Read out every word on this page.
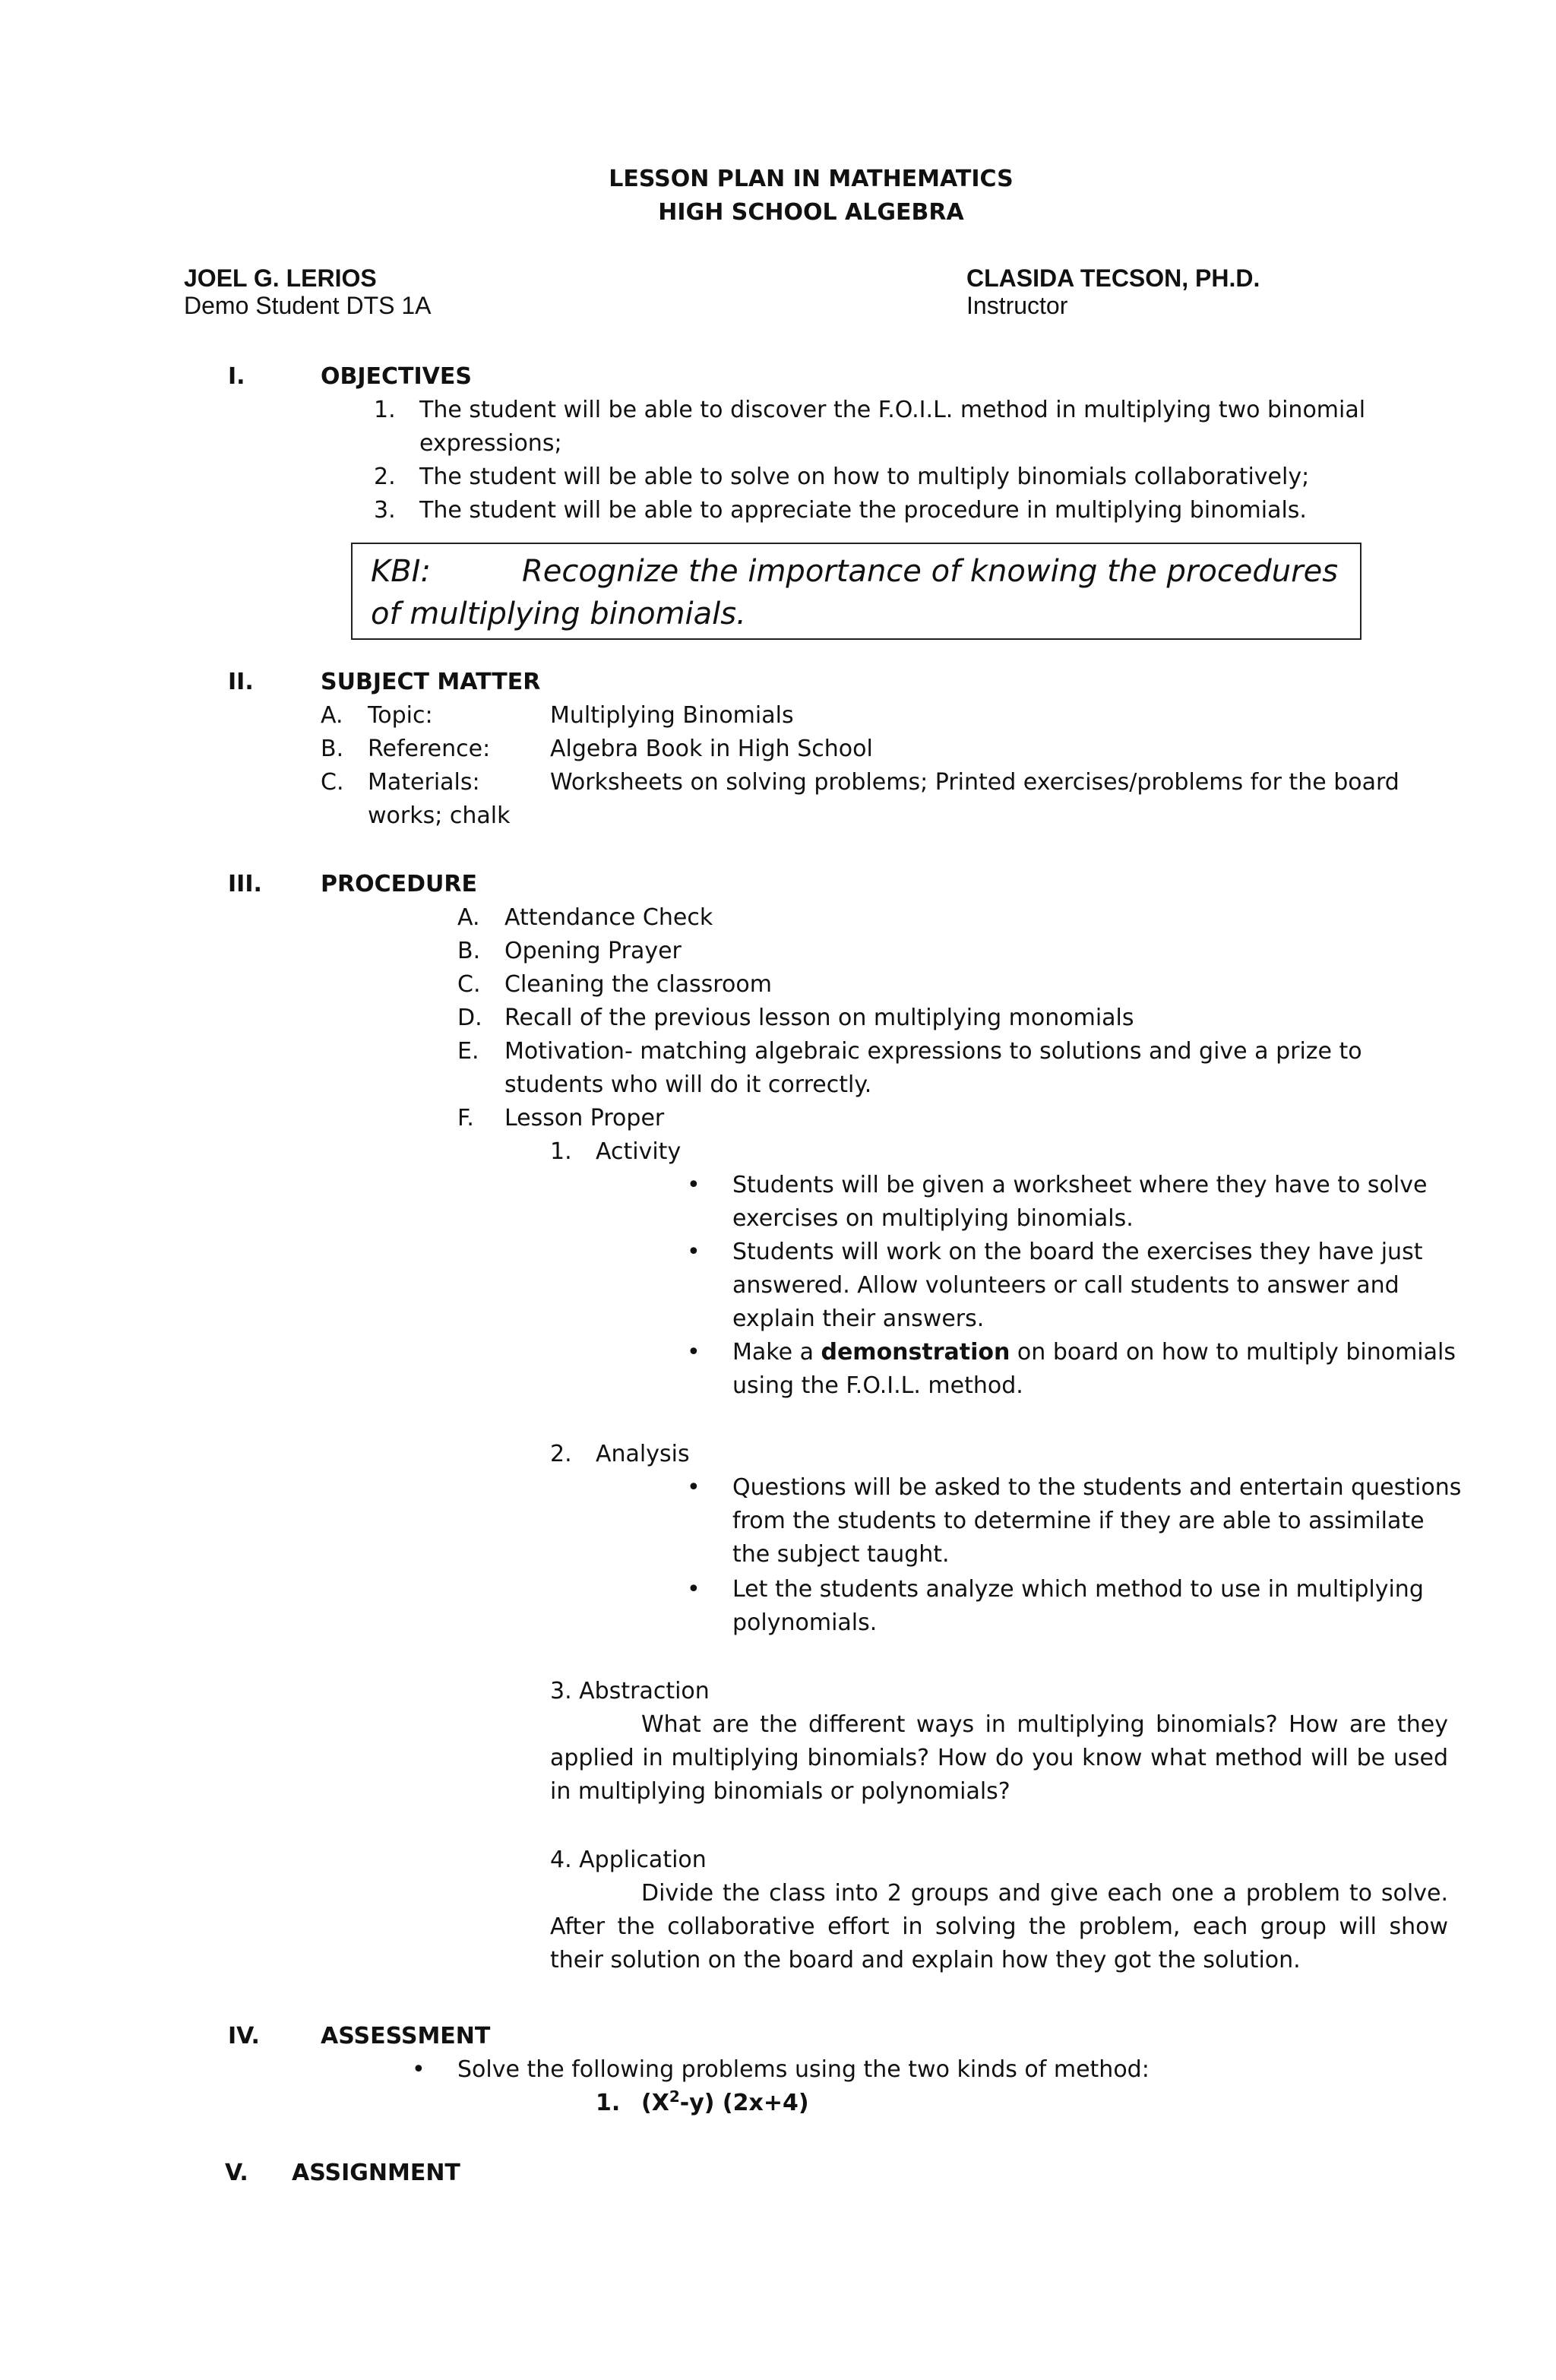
LESSON PLAN IN MATHEMATICS
HIGH SCHOOL ALGEBRA
JOEL G. LERIOS
Demo Student DTS 1A
CLASIDA TECSON, PH.D.
Instructor
I.	OBJECTIVES
1. The student will be able to discover the F.O.I.L. method in multiplying two binomial
expressions;
2. The student will be able to solve on how to multiply binomials collaboratively;
3. The student will be able to appreciate the procedure in multiplying binomials.
KBI:	Recognize the importance of knowing the procedures of multiplying binomials.
II.	SUBJECT MATTER
A. Topic:	Multiplying Binomials
B. Reference:	Algebra Book in High School
C. Materials:	Worksheets on solving problems; Printed exercises/problems for the board
works; chalk
III.	PROCEDURE
A. Attendance Check
B. Opening Prayer
C. Cleaning the classroom
D. Recall of the previous lesson on multiplying monomials
E. Motivation- matching algebraic expressions to solutions and give a prize to
students who will do it correctly.
F. Lesson Proper
1. Activity
• Students will be given a worksheet where they have to solve
exercises on multiplying binomials.
• Students will work on the board the exercises they have just
answered. Allow volunteers or call students to answer and
explain their answers.
• Make a demonstration on board on how to multiply binomials
using the F.O.I.L. method.
2. Analysis
• Questions will be asked to the students and entertain questions
from the students to determine if they are able to assimilate
the subject taught.
• Let the students analyze which method to use in multiplying
polynomials.
3. Abstraction
What are the different ways in multiplying binomials? How are they applied in multiplying binomials? How do you know what method will be used in multiplying binomials or polynomials?
4. Application
Divide the class into 2 groups and give each one a problem to solve. After the collaborative effort in solving the problem, each group will show their solution on the board and explain how they got the solution.
IV.	ASSESSMENT
• Solve the following problems using the two kinds of method:
1. $(X^2-y)$ (2x+4)
V. ASSIGNMENT
